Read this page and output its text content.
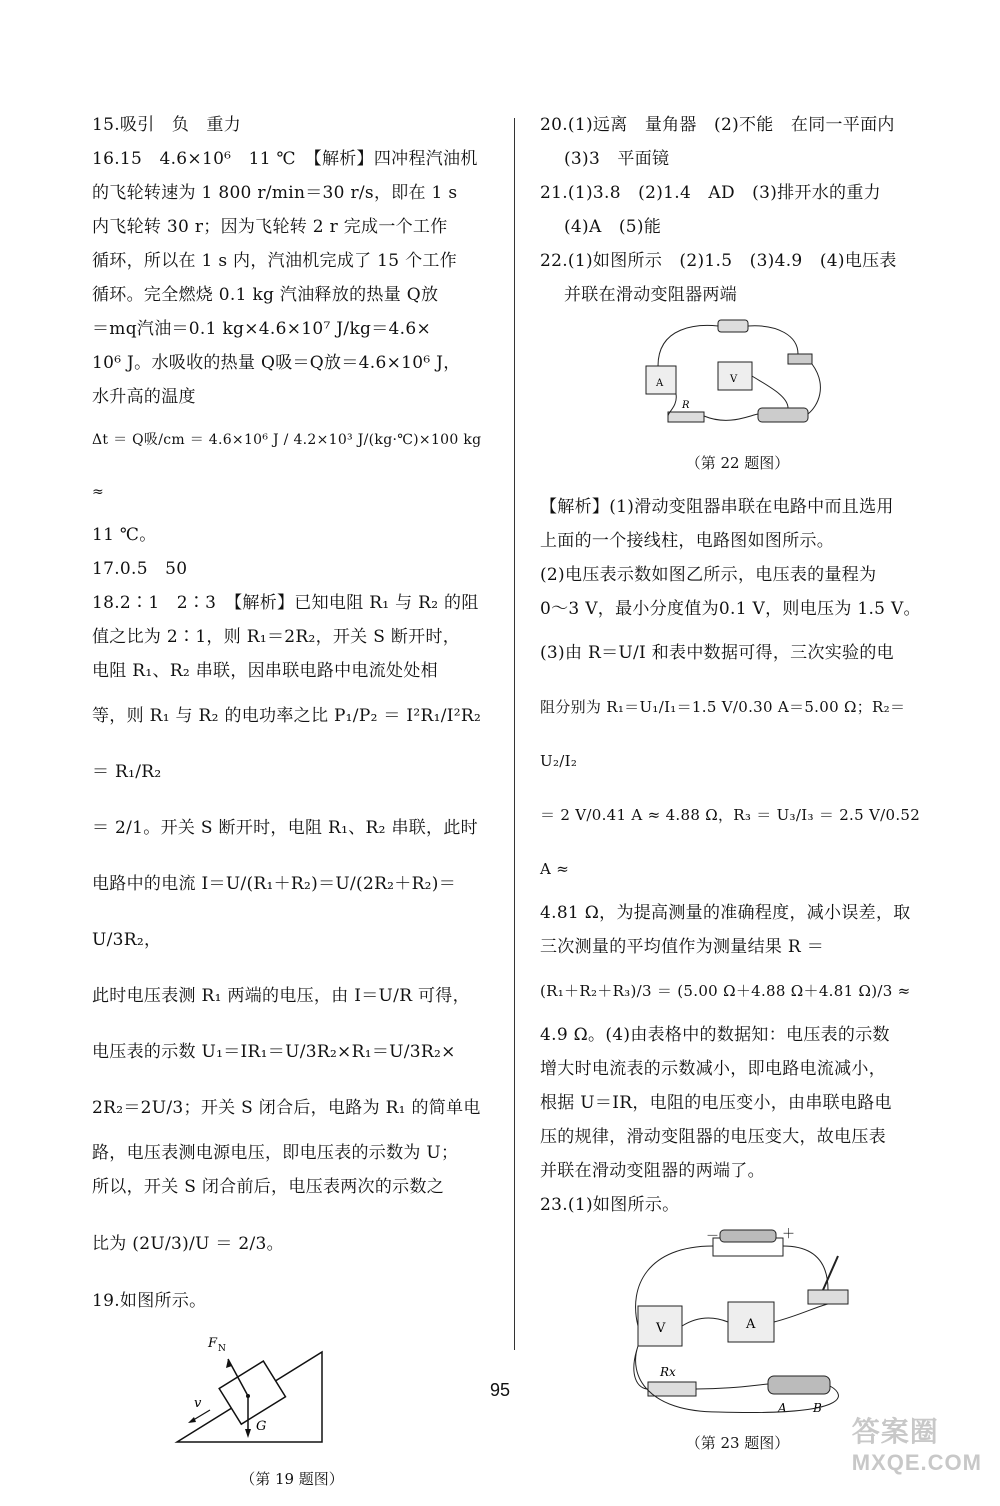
15.吸引　负　重力

16.15　4.6×10⁶　11 ℃　【解析】四冲程汽油机

的飞轮转速为 1 800 r/min＝30 r/s，即在 1 s

内飞轮转 30 r；因为飞轮转 2 r 完成一个工作

循环，所以在 1 s 内，汽油机完成了 15 个工作

循环。完全燃烧 0.1 kg 汽油释放的热量 Q放

＝mq汽油＝0.1 kg×4.6×10⁷ J/kg＝4.6×

10⁶ J。水吸收的热量 Q吸＝Q放＝4.6×10⁶ J，

水升高的温度

Δt ＝ Q吸/cm ＝ 4.6×10⁶ J / 4.2×10³ J/(kg·℃)×100 kg ≈

11 ℃。

17.0.5　50

18.2∶1　2∶3　【解析】已知电阻 R₁ 与 R₂ 的阻

值之比为 2∶1，则 R₁＝2R₂，开关 S 断开时，

电阻 R₁、R₂ 串联，因串联电路中电流处处相

等，则 R₁ 与 R₂ 的电功率之比 P₁/P₂ ＝ I²R₁/I²R₂ ＝ R₁/R₂

＝ 2/1。开关 S 断开时，电阻 R₁、R₂ 串联，此时

电路中的电流 I＝U/(R₁＋R₂)＝U/(2R₂＋R₂)＝U/3R₂，

此时电压表测 R₁ 两端的电压，由 I＝U/R 可得，

电压表的示数 U₁＝IR₁＝U/3R₂×R₁＝U/3R₂×

2R₂＝2U/3；开关 S 闭合后，电路为 R₁ 的简单电

路，电压表测电源电压，即电压表的示数为 U；

所以，开关 S 闭合前后，电压表两次的示数之

比为 (2U/3)/U ＝ 2/3。

19.如图所示。

F N
G
v

（第 19 题图）

20.(1)远离　量角器　(2)不能　在同一平面内

(3)3　平面镜

21.(1)3.8　(2)1.4　AD　(3)排开水的重力

(4)A　(5)能

22.(1)如图所示　(2)1.5　(3)4.9　(4)电压表

并联在滑动变阻器两端

A	V
R

（第 22 题图）

【解析】(1)滑动变阻器串联在电路中而且选用

上面的一个接线柱，电路图如图所示。

(2)电压表示数如图乙所示，电压表的量程为

0～3 V，最小分度值为0.1 V，则电压为 1.5 V。

(3)由 R＝U/I 和表中数据可得，三次实验的电

阻分别为 R₁＝U₁/I₁＝1.5 V/0.30 A＝5.00 Ω；R₂＝U₂/I₂

＝ 2 V/0.41 A ≈ 4.88 Ω，R₃ ＝ U₃/I₃ ＝ 2.5 V/0.52 A ≈

4.81 Ω，为提高测量的准确程度，减小误差，取

三次测量的平均值作为测量结果 R ＝

(R₁＋R₂＋R₃)/3 ＝ (5.00 Ω＋4.88 Ω＋4.81 Ω)/3 ≈

4.9 Ω。(4)由表格中的数据知：电压表的示数

增大时电流表的示数减小，即电路电流减小，

根据 U＝IR，电阻的电压变小，由串联电路电

压的规律，滑动变阻器的电压变大，故电压表

并联在滑动变阻器的两端了。

23.(1)如图所示。

－	＋
V	A
Rx
A B

（第 23 题图）

95
答案圈
MXQE.COM
